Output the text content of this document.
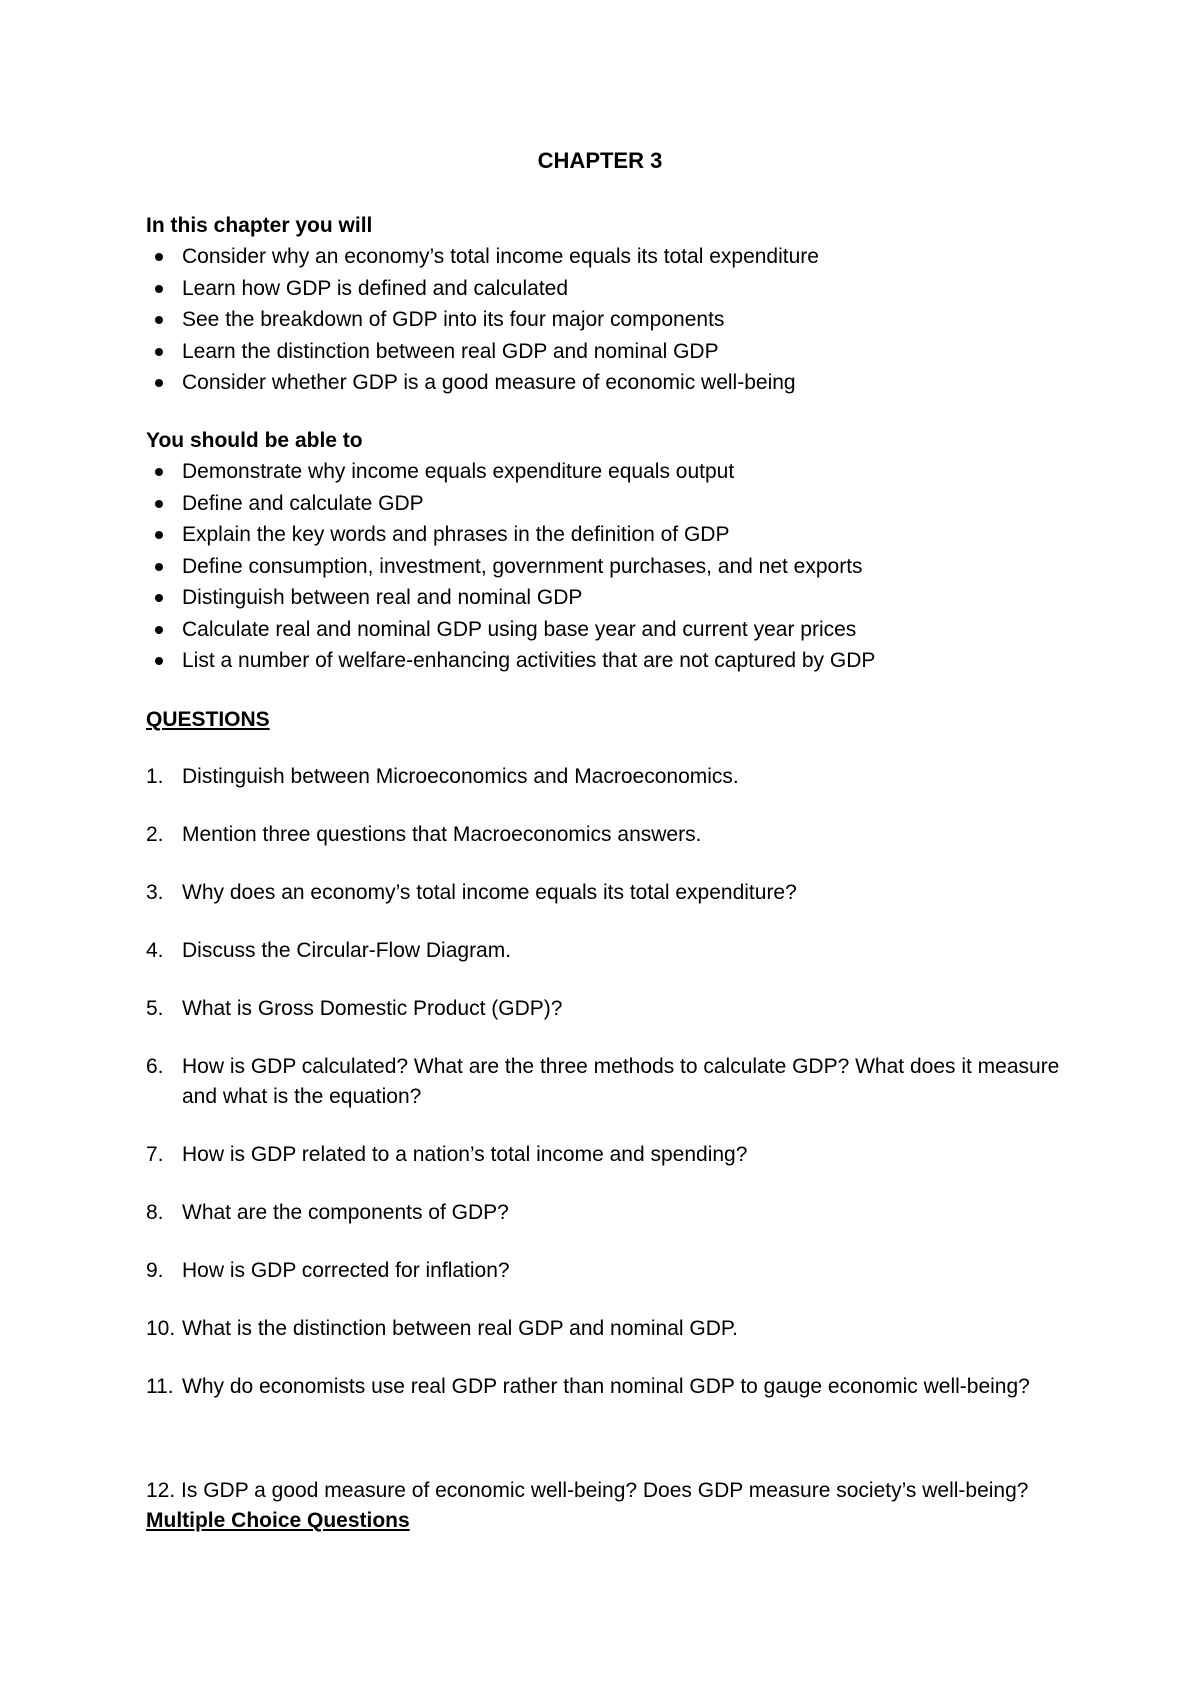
CHAPTER 3

In this chapter you will

Consider why an economy’s total income equals its total expenditure
Learn how GDP is defined and calculated
See the breakdown of GDP into its four major components
Learn the distinction between real GDP and nominal GDP
Consider whether GDP is a good measure of economic well-being

You should be able to

Demonstrate why income equals expenditure equals output
Define and calculate GDP
Explain the key words and phrases in the definition of GDP
Define consumption, investment, government purchases, and net exports
Distinguish between real and nominal GDP
Calculate real and nominal GDP using base year and current year prices
List a number of welfare-enhancing activities that are not captured by GDP

QUESTIONS

1. Distinguish between Microeconomics and Macroeconomics.
2. Mention three questions that Macroeconomics answers.
3. Why does an economy’s total income equals its total expenditure?
4. Discuss the Circular-Flow Diagram.
5. What is Gross Domestic Product (GDP)?
6. How is GDP calculated? What are the three methods to calculate GDP? What does it measure and what is the equation?
7. How is GDP related to a nation’s total income and spending?
8. What are the components of GDP?
9. How is GDP corrected for inflation?
10. What is the distinction between real GDP and nominal GDP.
11. Why do economists use real GDP rather than nominal GDP to gauge economic well-being?

12. Is GDP a good measure of economic well-being? Does GDP measure society’s well-being?

Multiple Choice Questions
